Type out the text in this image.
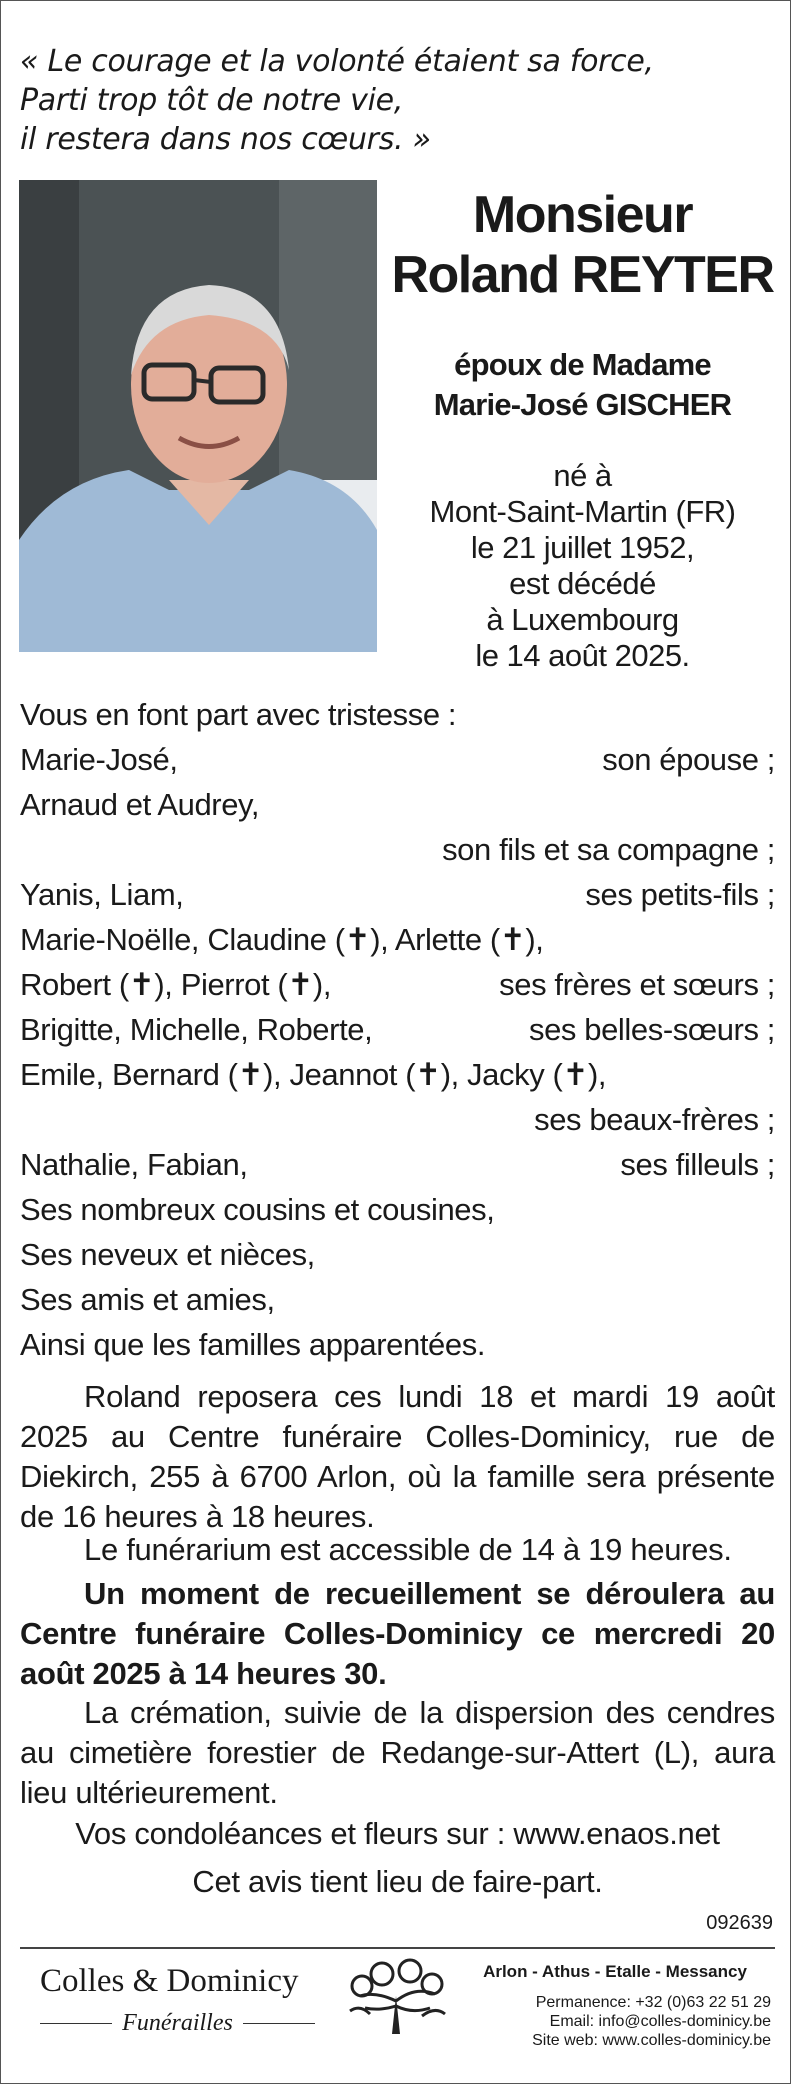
« Le courage et la volonté étaient sa force,
Parti trop tôt de notre vie,
il restera dans nos cœurs. »
Monsieur
Roland REYTER
époux de Madame
Marie-José GISCHER
né à
Mont-Saint-Martin (FR)
le 21 juillet 1952,
est décédé
à Luxembourg
le 14 août 2025.
Vous en font part avec tristesse :
Marie-José,	son épouse ;
Arnaud et Audrey,
son fils et sa compagne ;
Yanis, Liam,	ses petits-fils ;
Marie-Noëlle, Claudine (✝), Arlette (✝),
Robert (✝), Pierrot (✝),	ses frères et sœurs ;
Brigitte, Michelle, Roberte,	ses belles-sœurs ;
Emile, Bernard (✝), Jeannot (✝), Jacky (✝),
ses beaux-frères ;
Nathalie, Fabian,	ses filleuls ;
Ses nombreux cousins et cousines,
Ses neveux et nièces,
Ses amis et amies,
Ainsi que les familles apparentées.
Roland reposera ces lundi 18 et mardi 19 août 2025 au Centre funéraire Colles-Dominicy, rue de Diekirch, 255 à 6700 Arlon, où la famille sera présente de 16 heures à 18 heures.
Le funérarium est accessible de 14 à 19 heures.
Un moment de recueillement se déroulera au Centre funéraire Colles-Dominicy ce mercredi 20 août 2025 à 14 heures 30.
La crémation, suivie de la dispersion des cendres au cimetière forestier de Redange-sur-Attert (L), aura lieu ultérieurement.
Vos condoléances et fleurs sur : www.enaos.net
Cet avis tient lieu de faire-part.
092639
Colles & Dominicy
Funérailles
Arlon - Athus - Etalle - Messancy
Permanence: +32 (0)63 22 51 29
Email: info@colles-dominicy.be
Site web: www.colles-dominicy.be
